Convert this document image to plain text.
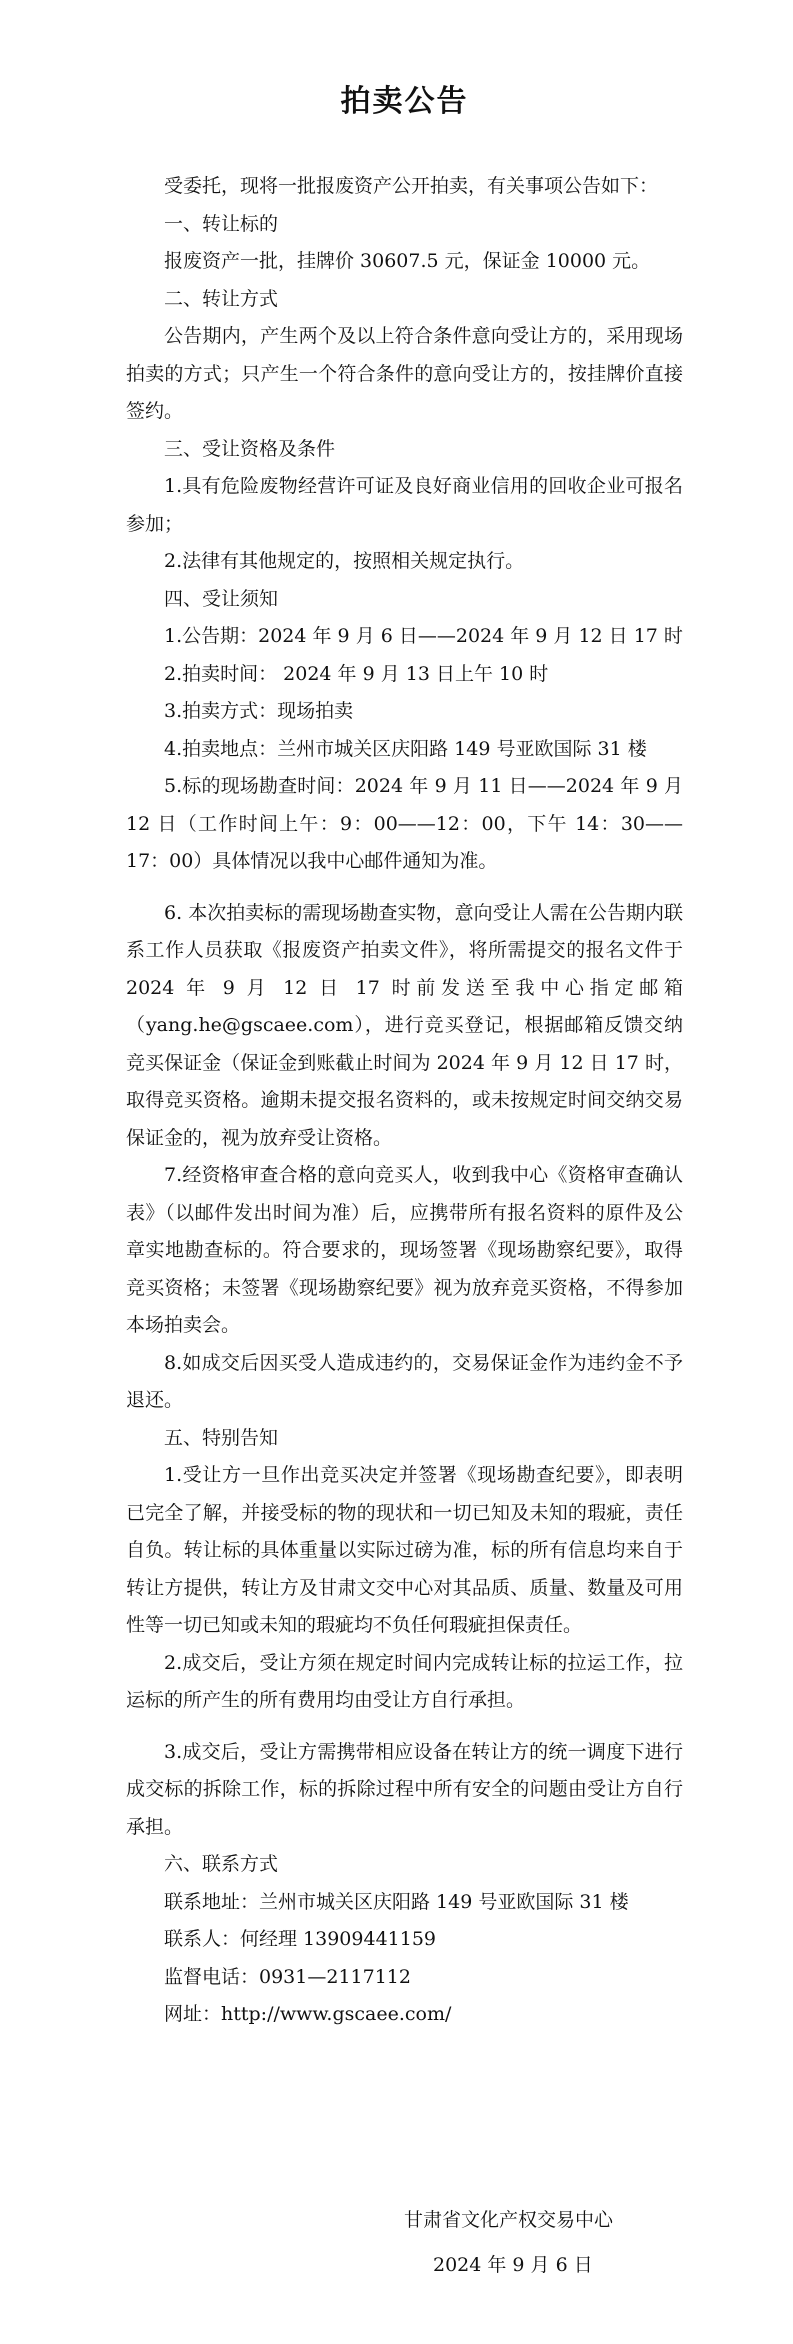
拍卖公告

受委托，现将一批报废资产公开拍卖，有关事项公告如下：

一、转让标的

报废资产一批，挂牌价 30607.5 元，保证金 10000 元。

二、转让方式

公告期内，产生两个及以上符合条件意向受让方的，采用现场拍卖的方式；只产生一个符合条件的意向受让方的，按挂牌价直接签约。

三、受让资格及条件

1.具有危险废物经营许可证及良好商业信用的回收企业可报名参加；

2.法律有其他规定的，按照相关规定执行。

四、受让须知

1.公告期：2024 年 9 月 6 日——2024 年 9 月 12 日 17 时

2.拍卖时间： 2024 年 9 月 13 日上午 10 时

3.拍卖方式：现场拍卖

4.拍卖地点：兰州市城关区庆阳路 149 号亚欧国际 31 楼

5.标的现场勘查时间：2024 年 9 月 11 日——2024 年 9 月 12 日（工作时间上午：9：00——12：00，下午 14：30——17：00）具体情况以我中心邮件通知为准。

6. 本次拍卖标的需现场勘查实物，意向受让人需在公告期内联系工作人员获取《报废资产拍卖文件》，将所需提交的报名文件于 2024 年 9 月 12 日 17 时前发送至我中心指定邮箱（yang.he@gscaee.com），进行竞买登记，根据邮箱反馈交纳竞买保证金（保证金到账截止时间为 2024 年 9 月 12 日 17 时，取得竞买资格。逾期未提交报名资料的，或未按规定时间交纳交易保证金的，视为放弃受让资格。

7.经资格审查合格的意向竞买人，收到我中心《资格审查确认表》（以邮件发出时间为准）后，应携带所有报名资料的原件及公章实地勘查标的。符合要求的，现场签署《现场勘察纪要》，取得竞买资格；未签署《现场勘察纪要》视为放弃竞买资格，不得参加本场拍卖会。

8.如成交后因买受人造成违约的，交易保证金作为违约金不予退还。

五、特别告知

1.受让方一旦作出竞买决定并签署《现场勘查纪要》，即表明已完全了解，并接受标的物的现状和一切已知及未知的瑕疵，责任自负。转让标的具体重量以实际过磅为准，标的所有信息均来自于转让方提供，转让方及甘肃文交中心对其品质、质量、数量及可用性等一切已知或未知的瑕疵均不负任何瑕疵担保责任。

2.成交后，受让方须在规定时间内完成转让标的拉运工作，拉运标的所产生的所有费用均由受让方自行承担。

3.成交后，受让方需携带相应设备在转让方的统一调度下进行成交标的拆除工作，标的拆除过程中所有安全的问题由受让方自行承担。

六、联系方式

联系地址：兰州市城关区庆阳路 149 号亚欧国际 31 楼

联系人：何经理 13909441159

监督电话：0931—2117112

网址：http://www.gscaee.com/

甘肃省文化产权交易中心
2024 年 9 月 6 日
